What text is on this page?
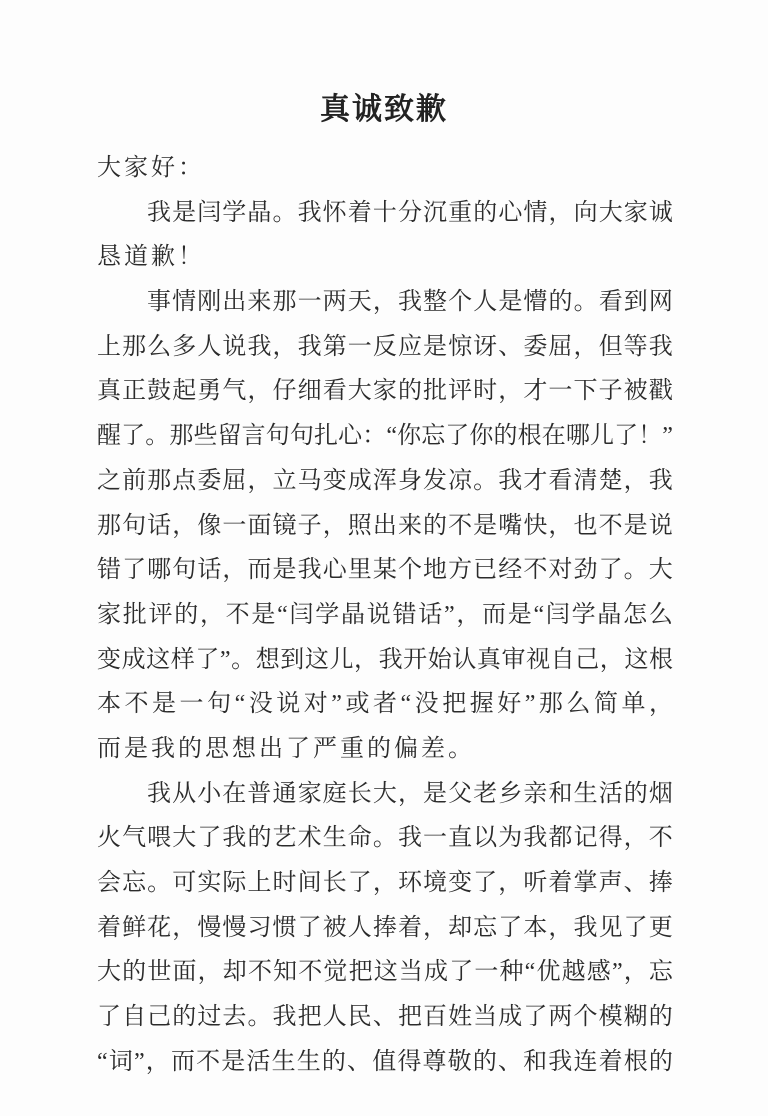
真诚致歉
大家好：
我 是 闫 学 晶 。 我 怀 着 十 分 沉 重 的 心 情 ， 向 大 家 诚
恳道歉！
事 情 刚 出 来 那 一 两 天 ， 我 整 个 人 是 懵 的 。 看 到 网
上 那 么 多 人 说 我 ， 我 第 一 反 应 是 惊 讶 、 委 屈 ， 但 等 我
真 正 鼓 起 勇 气 ， 仔 细 看 大 家 的 批 评 时 ， 才 一 下 子 被 戳
醒 了 。 那 些 留 言 句 句 扎 心 ： “ 你 忘 了 你 的 根 在 哪 儿 了 ！ ”
之 前 那 点 委 屈 ， 立 马 变 成 浑 身 发 凉 。 我 才 看 清 楚 ， 我
那 句 话 ， 像 一 面 镜 子 ， 照 出 来 的 不 是 嘴 快 ， 也 不 是 说
错 了 哪 句 话 ， 而 是 我 心 里 某 个 地 方 已 经 不 对 劲 了 。 大
家 批 评 的 ， 不 是 “ 闫 学 晶 说 错 话 ” ， 而 是 “ 闫 学 晶 怎 么
变 成 这 样 了 ” 。 想 到 这 儿 ， 我 开 始 认 真 审 视 自 己 ， 这 根
本 不 是 一 句 “ 没 说 对 ” 或 者 “ 没 把 握 好 ” 那 么 简 单 ，
而是我的思想出了严重的偏差。
我 从 小 在 普 通 家 庭 长 大 ， 是 父 老 乡 亲 和 生 活 的 烟
火 气 喂 大 了 我 的 艺 术 生 命 。 我 一 直 以 为 我 都 记 得 ， 不
会 忘 。 可 实 际 上 时 间 长 了 ， 环 境 变 了 ， 听 着 掌 声 、 捧
着 鲜 花 ， 慢 慢 习 惯 了 被 人 捧 着 ， 却 忘 了 本 ， 我 见 了 更
大 的 世 面 ， 却 不 知 不 觉 把 这 当 成 了 一 种 “ 优 越 感 ” ， 忘
了 自 己 的 过 去 。 我 把 人 民 、 把 百 姓 当 成 了 两 个 模 糊 的
“ 词 ” ， 而 不 是 活 生 生 的 、 值 得 尊 敬 的 、 和 我 连 着 根 的
